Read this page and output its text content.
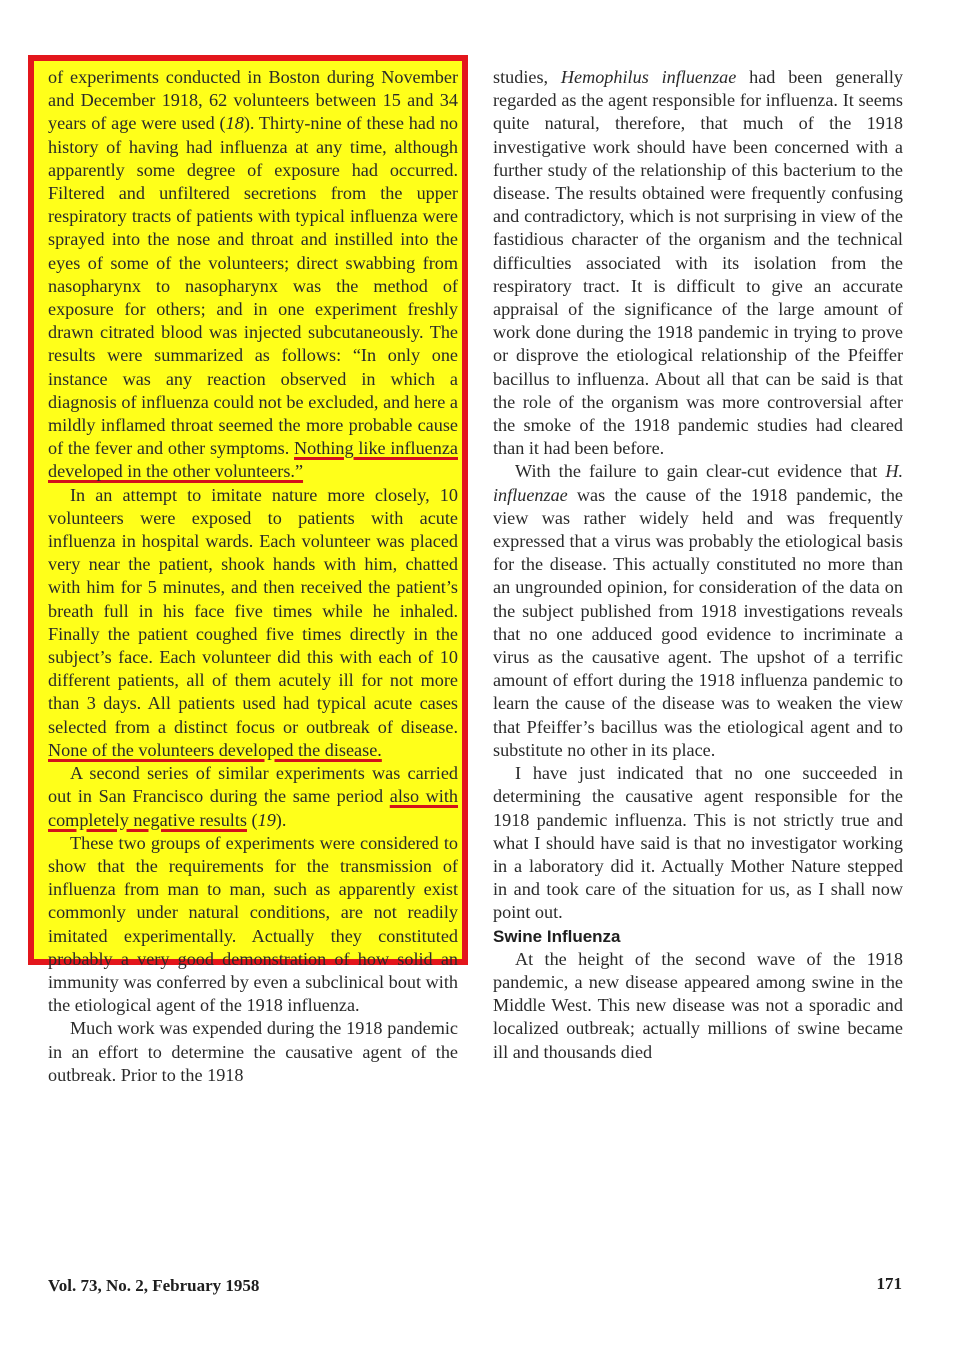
of experiments conducted in Boston during November and December 1918, 62 volunteers between 15 and 34 years of age were used (18). Thirty-nine of these had no history of having had influenza at any time, although apparently some degree of exposure had occurred. Filtered and unfiltered secretions from the upper respiratory tracts of patients with typical influenza were sprayed into the nose and throat and instilled into the eyes of some of the volunteers; direct swabbing from nasopharynx to nasopharynx was the method of exposure for others; and in one experiment freshly drawn citrated blood was injected subcutaneously. The results were summarized as follows: “In only one instance was any reaction observed in which a diagnosis of influenza could not be excluded, and here a mildly inflamed throat seemed the more probable cause of the fever and other symptoms. Nothing like influenza developed in the other volunteers.”

In an attempt to imitate nature more closely, 10 volunteers were exposed to patients with acute influenza in hospital wards. Each volunteer was placed very near the patient, shook hands with him, chatted with him for 5 minutes, and then received the patient’s breath full in his face five times while he inhaled. Finally the patient coughed five times directly in the subject’s face. Each volunteer did this with each of 10 different patients, all of them acutely ill for not more than 3 days. All patients used had typical acute cases selected from a distinct focus or outbreak of disease. None of the volunteers developed the disease.

A second series of similar experiments was carried out in San Francisco during the same period also with completely negative results (19).

These two groups of experiments were considered to show that the requirements for the transmission of influenza from man to man, such as apparently exist commonly under natural conditions, are not readily imitated experimentally. Actually they constituted probably a very good demonstration of how solid an immunity was conferred by even a subclinical bout with the etiological agent of the 1918 influenza.

Much work was expended during the 1918 pandemic in an effort to determine the causative agent of the outbreak. Prior to the 1918

studies, Hemophilus influenzae had been generally regarded as the agent responsible for influenza. It seems quite natural, therefore, that much of the 1918 investigative work should have been concerned with a further study of the relationship of this bacterium to the disease. The results obtained were frequently confusing and contradictory, which is not surprising in view of the fastidious character of the organism and the technical difficulties associated with its isolation from the respiratory tract. It is difficult to give an accurate appraisal of the significance of the large amount of work done during the 1918 pandemic in trying to prove or disprove the etiological relationship of the Pfeiffer bacillus to influenza. About all that can be said is that the role of the organism was more controversial after the smoke of the 1918 pandemic studies had cleared than it had been before.

With the failure to gain clear-cut evidence that H. influenzae was the cause of the 1918 pandemic, the view was rather widely held and was frequently expressed that a virus was probably the etiological basis for the disease. This actually constituted no more than an ungrounded opinion, for consideration of the data on the subject published from 1918 investigations reveals that no one adduced good evidence to incriminate a virus as the causative agent. The upshot of a terrific amount of effort during the 1918 influenza pandemic to learn the cause of the disease was to weaken the view that Pfeiffer’s bacillus was the etiological agent and to substitute no other in its place.

I have just indicated that no one succeeded in determining the causative agent responsible for the 1918 pandemic influenza. This is not strictly true and what I should have said is that no investigator working in a laboratory did it. Actually Mother Nature stepped in and took care of the situation for us, as I shall now point out.

Swine Influenza

At the height of the second wave of the 1918 pandemic, a new disease appeared among swine in the Middle West. This new disease was not a sporadic and localized outbreak; actually millions of swine became ill and thousands died

Vol. 73, No. 2, February 1958	171
